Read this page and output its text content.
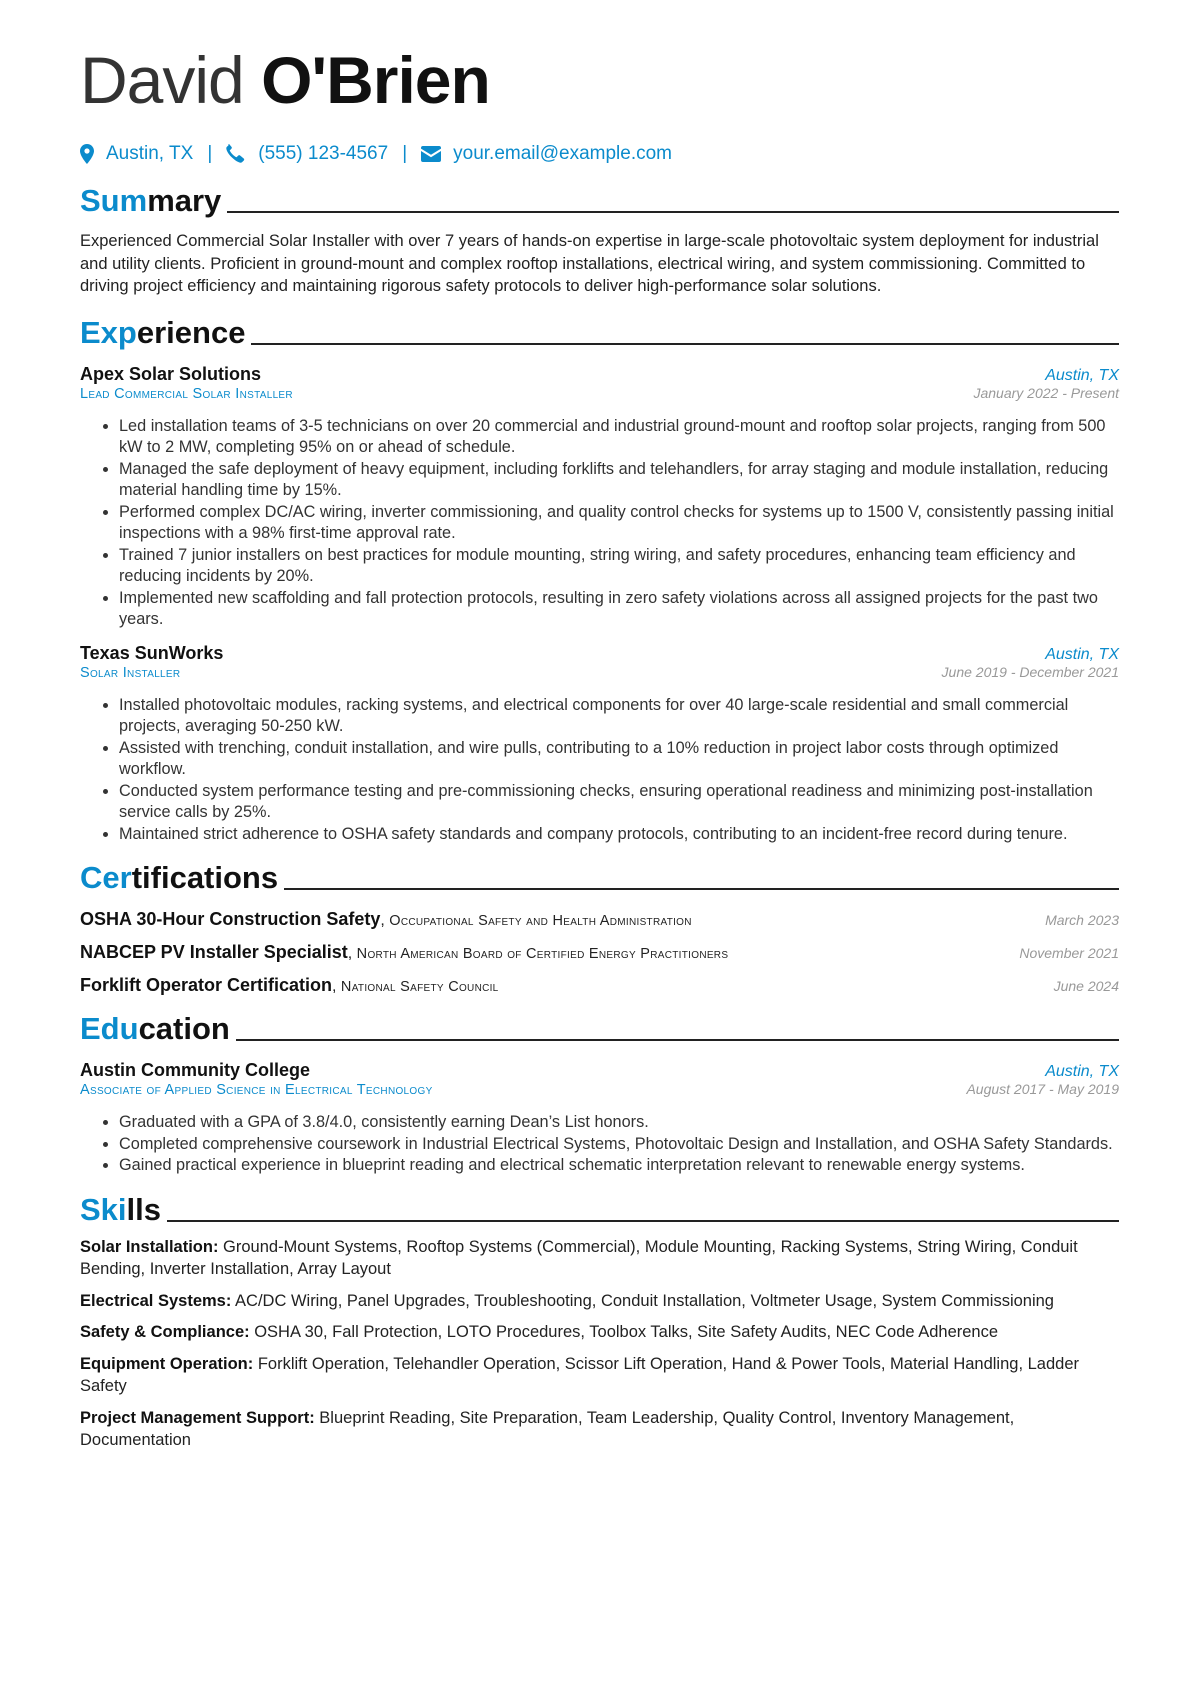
David O'Brien
Austin, TX | (555) 123-4567 | your.email@example.com
Summary
Experienced Commercial Solar Installer with over 7 years of hands-on expertise in large-scale photovoltaic system deployment for industrial and utility clients. Proficient in ground-mount and complex rooftop installations, electrical wiring, and system commissioning. Committed to driving project efficiency and maintaining rigorous safety protocols to deliver high-performance solar solutions.
Experience
Apex Solar Solutions	Austin, TX
Lead Commercial Solar Installer	January 2022 - Present
• Led installation teams of 3-5 technicians on over 20 commercial and industrial ground-mount and rooftop solar projects, ranging from 500 kW to 2 MW, completing 95% on or ahead of schedule.
• Managed the safe deployment of heavy equipment, including forklifts and telehandlers, for array staging and module installation, reducing material handling time by 15%.
• Performed complex DC/AC wiring, inverter commissioning, and quality control checks for systems up to 1500 V, consistently passing initial inspections with a 98% first-time approval rate.
• Trained 7 junior installers on best practices for module mounting, string wiring, and safety procedures, enhancing team efficiency and reducing incidents by 20%.
• Implemented new scaffolding and fall protection protocols, resulting in zero safety violations across all assigned projects for the past two years.
Texas SunWorks	Austin, TX
Solar Installer	June 2019 - December 2021
• Installed photovoltaic modules, racking systems, and electrical components for over 40 large-scale residential and small commercial projects, averaging 50-250 kW.
• Assisted with trenching, conduit installation, and wire pulls, contributing to a 10% reduction in project labor costs through optimized workflow.
• Conducted system performance testing and pre-commissioning checks, ensuring operational readiness and minimizing post-installation service calls by 25%.
• Maintained strict adherence to OSHA safety standards and company protocols, contributing to an incident-free record during tenure.
Certifications
OSHA 30-Hour Construction Safety, Occupational Safety and Health Administration	March 2023
NABCEP PV Installer Specialist, North American Board of Certified Energy Practitioners	November 2021
Forklift Operator Certification, National Safety Council	June 2024
Education
Austin Community College	Austin, TX
Associate of Applied Science in Electrical Technology	August 2017 - May 2019
• Graduated with a GPA of 3.8/4.0, consistently earning Dean’s List honors.
• Completed comprehensive coursework in Industrial Electrical Systems, Photovoltaic Design and Installation, and OSHA Safety Standards.
• Gained practical experience in blueprint reading and electrical schematic interpretation relevant to renewable energy systems.
Skills
Solar Installation: Ground-Mount Systems, Rooftop Systems (Commercial), Module Mounting, Racking Systems, String Wiring, Conduit Bending, Inverter Installation, Array Layout
Electrical Systems: AC/DC Wiring, Panel Upgrades, Troubleshooting, Conduit Installation, Voltmeter Usage, System Commissioning
Safety & Compliance: OSHA 30, Fall Protection, LOTO Procedures, Toolbox Talks, Site Safety Audits, NEC Code Adherence
Equipment Operation: Forklift Operation, Telehandler Operation, Scissor Lift Operation, Hand & Power Tools, Material Handling, Ladder Safety
Project Management Support: Blueprint Reading, Site Preparation, Team Leadership, Quality Control, Inventory Management, Documentation
